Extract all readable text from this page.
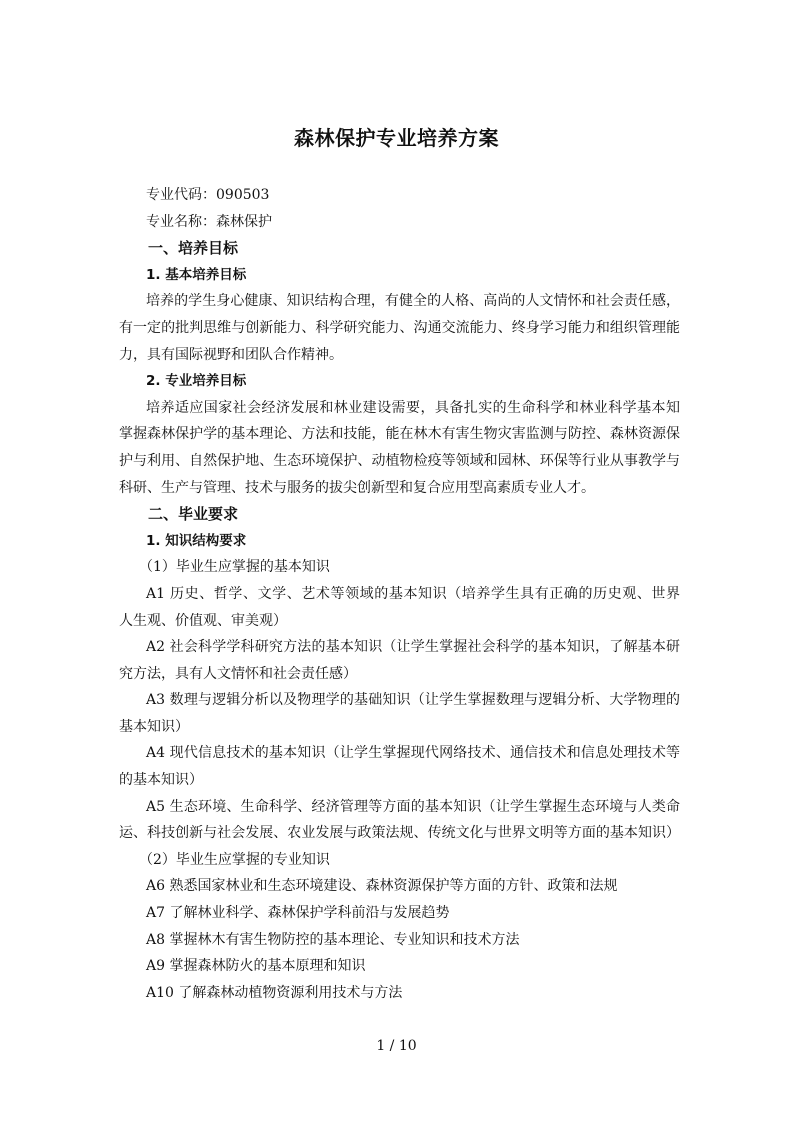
森林保护专业培养方案
专业代码：090503
专业名称：森林保护
一、培养目标
1. 基本培养目标
培养的学生身心健康、知识结构合理，有健全的人格、高尚的人文情怀和社会责任感，
有一定的批判思维与创新能力、科学研究能力、沟通交流能力、终身学习能力和组织管理能
力，具有国际视野和团队合作精神。
2. 专业培养目标
培养适应国家社会经济发展和林业建设需要，具备扎实的生命科学和林业科学基本知
掌握森林保护学的基本理论、方法和技能，能在林木有害生物灾害监测与防控、森林资源保
护与利用、自然保护地、生态环境保护、动植物检疫等领域和园林、环保等行业从事教学与
科研、生产与管理、技术与服务的拔尖创新型和复合应用型高素质专业人才。
二、毕业要求
1. 知识结构要求
（1）毕业生应掌握的基本知识
A1 历史、哲学、文学、艺术等领域的基本知识（培养学生具有正确的历史观、世界
人生观、价值观、审美观）
A2 社会科学学科研究方法的基本知识（让学生掌握社会科学的基本知识，了解基本研
究方法，具有人文情怀和社会责任感）
A3 数理与逻辑分析以及物理学的基础知识（让学生掌握数理与逻辑分析、大学物理的
基本知识）
A4 现代信息技术的基本知识（让学生掌握现代网络技术、通信技术和信息处理技术等
的基本知识）
A5 生态环境、生命科学、经济管理等方面的基本知识（让学生掌握生态环境与人类命
运、科技创新与社会发展、农业发展与政策法规、传统文化与世界文明等方面的基本知识）
（2）毕业生应掌握的专业知识
A6 熟悉国家林业和生态环境建设、森林资源保护等方面的方针、政策和法规
A7 了解林业科学、森林保护学科前沿与发展趋势
A8 掌握林木有害生物防控的基本理论、专业知识和技术方法
A9 掌握森林防火的基本原理和知识
A10 了解森林动植物资源利用技术与方法
1 / 10
